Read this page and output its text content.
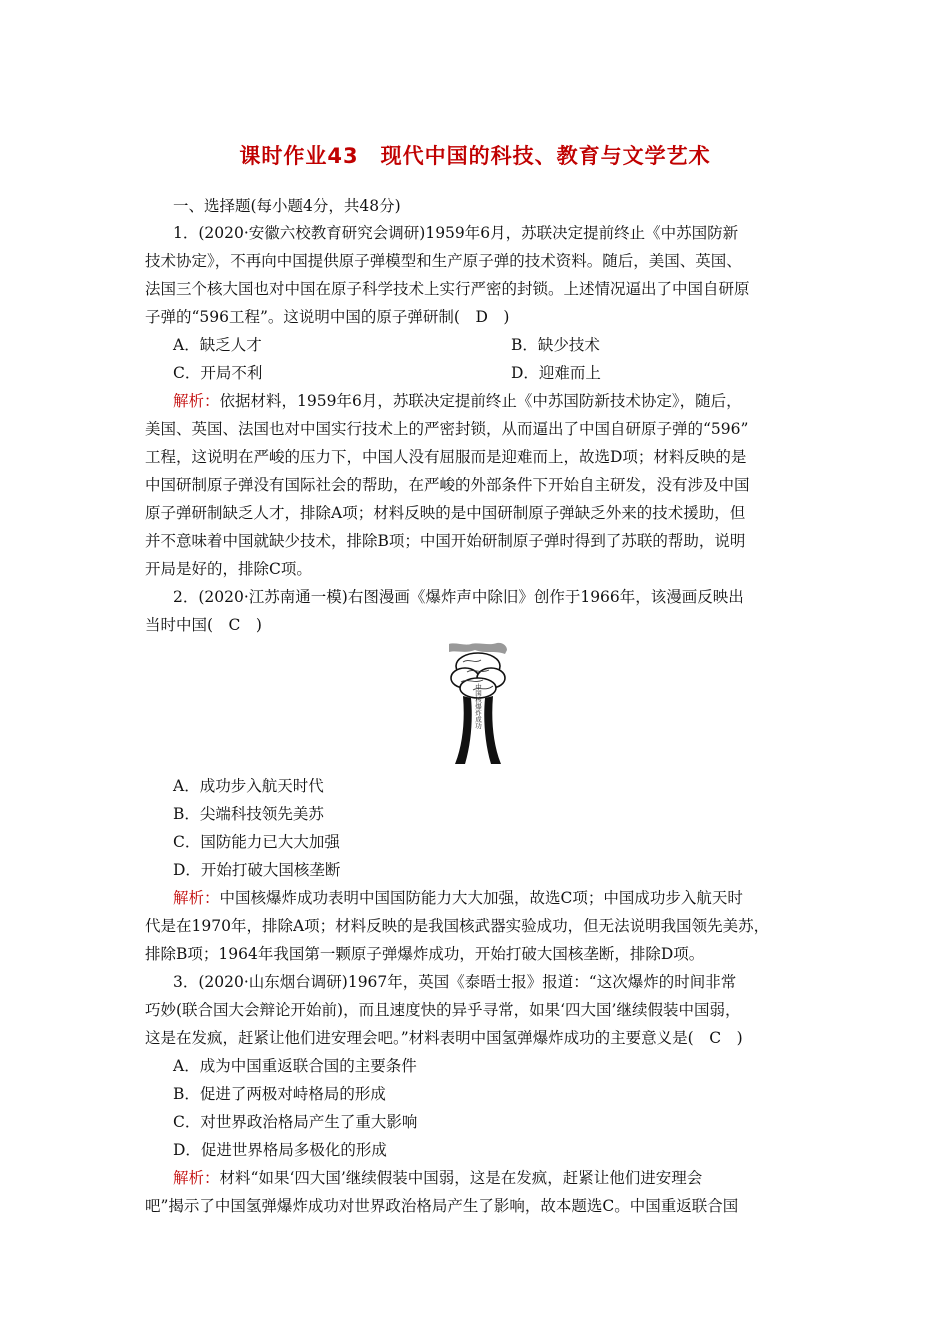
课时作业43　现代中国的科技、教育与文学艺术
一、选择题(每小题4分，共48分)
1．(2020·安徽六校教育研究会调研)1959年6月，苏联决定提前终止《中苏国防新
技术协定》，不再向中国提供原子弹模型和生产原子弹的技术资料。随后，美国、英国、
法国三个核大国也对中国在原子科学技术上实行严密的封锁。上述情况逼出了中国自研原
子弹的“596工程”。这说明中国的原子弹研制(　D　)
A．缺乏人才	B．缺少技术
C．开局不利	D．迎难而上
解析：依据材料，1959年6月，苏联决定提前终止《中苏国防新技术协定》，随后，
美国、英国、法国也对中国实行技术上的严密封锁，从而逼出了中国自研原子弹的“596”
工程，这说明在严峻的压力下，中国人没有屈服而是迎难而上，故选D项；材料反映的是
中国研制原子弹没有国际社会的帮助，在严峻的外部条件下开始自主研发，没有涉及中国
原子弹研制缺乏人才，排除A项；材料反映的是中国研制原子弹缺乏外来的技术援助，但
并不意味着中国就缺少技术，排除B项；中国开始研制原子弹时得到了苏联的帮助，说明
开局是好的，排除C项。
2．(2020·江苏南通一模)右图漫画《爆炸声中除旧》创作于1966年，该漫画反映出
当时中国(　C　)
中国核爆炸成功
A．成功步入航天时代
B．尖端科技领先美苏
C．国防能力已大大加强
D．开始打破大国核垄断
解析：中国核爆炸成功表明中国国防能力大大加强，故选C项；中国成功步入航天时
代是在1970年，排除A项；材料反映的是我国核武器实验成功，但无法说明我国领先美苏，
排除B项；1964年我国第一颗原子弹爆炸成功，开始打破大国核垄断，排除D项。
3．(2020·山东烟台调研)1967年，英国《泰晤士报》报道：“这次爆炸的时间非常
巧妙(联合国大会辩论开始前)，而且速度快的异乎寻常，如果‘四大国’继续假装中国弱，
这是在发疯，赶紧让他们进安理会吧。”材料表明中国氢弹爆炸成功的主要意义是(　C　)
A．成为中国重返联合国的主要条件
B．促进了两极对峙格局的形成
C．对世界政治格局产生了重大影响
D．促进世界格局多极化的形成
解析：材料“如果‘四大国’继续假装中国弱，这是在发疯，赶紧让他们进安理会
吧”揭示了中国氢弹爆炸成功对世界政治格局产生了影响，故本题选C。中国重返联合国
